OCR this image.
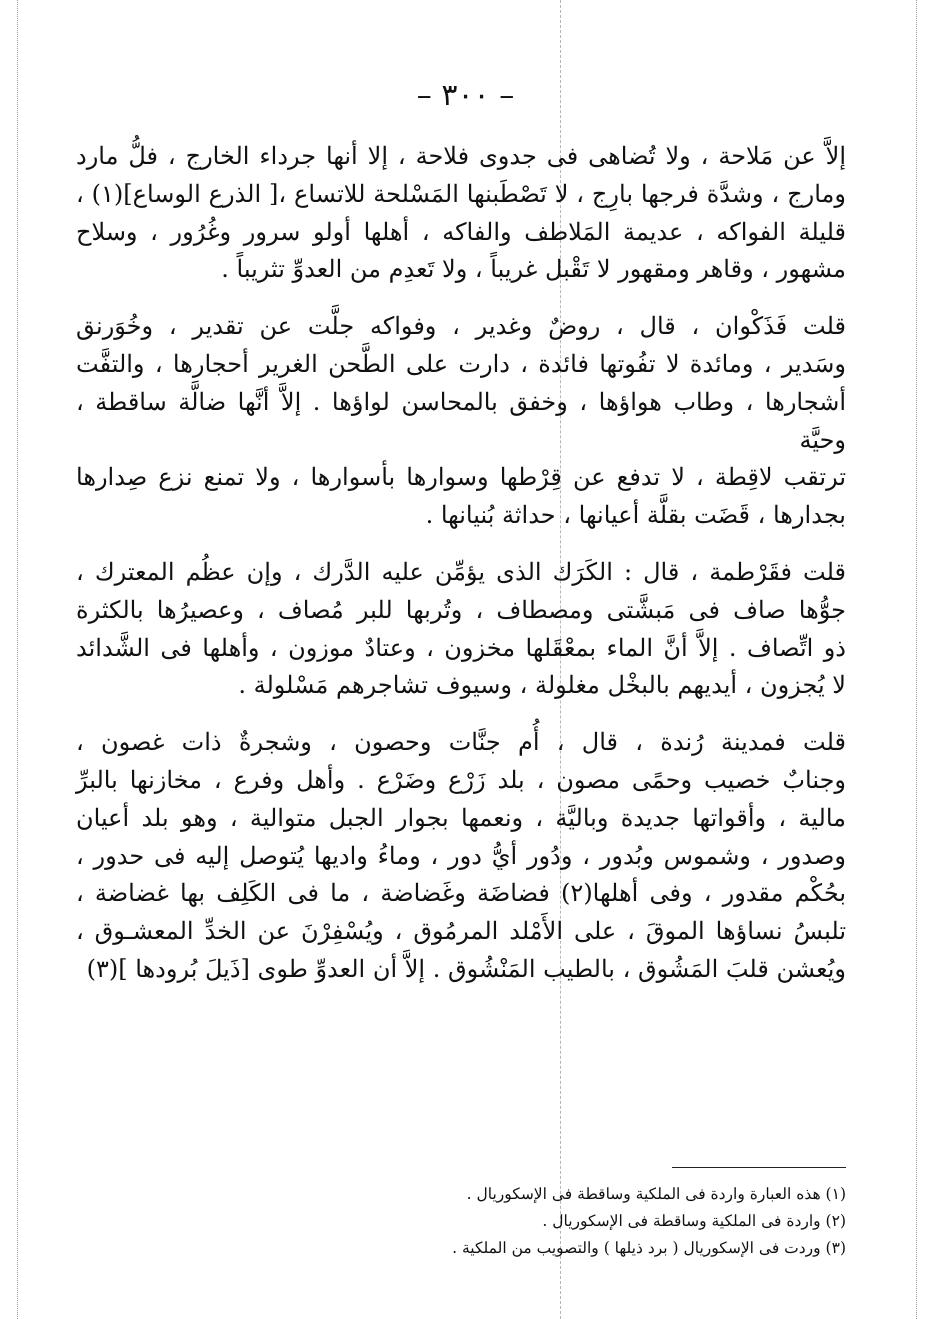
– ٣٠٠ –

إلاَّ عن مَلاحة ، ولا تُضاهى فى جدوى فلاحة ، إلا أنها جرداء الخارج ، فلُّ مارد
ومارج ، وشدَّة فرجها بارِج ، لا تَصْطَبنها المَسْلحة للاتساع ،[ الذرع الوساع](١) ،
قليلة الفواكه ، عديمة المَلاطف والفاكه ، أهلها أولو سرور وغُرُور ، وسلاح
مشهور ، وقاهر ومقهور لا تَقْبل غريباً ، ولا تَعدِم من العدوِّ تثريباً .

قلت فَذَكْوان ، قال ، روضٌ وغدير ، وفواكه جلَّت عن تقدير ، وخُوَرنق
وسَدير ، ومائدة لا تفُوتها فائدة ، دارت على الطَّحن الغرير أحجارها ، والتفَّت
أشجارها ، وطاب هواؤها ، وخفق بالمحاسن لواؤها . إلاَّ أنَّها ضالَّة ساقطة ، وحيَّة
ترتقب لاقِطة ، لا تدفع عن قِرْطها وسوارها بأسوارها ، ولا تمنع نزع صِدارها
بجدارها ، قَضَت بقلَّة أعيانها ، حداثة بُنيانها .

قلت فقَرْطمة ، قال : الكَرَك الذى يؤمِّن عليه الدَّرك ، وإن عظُم المعترك ،
جوُّها صاف فى مَبشَّتى ومصطاف ، وتُربها للبر مُصاف ، وعصيرُها بالكثرة
ذو اتِّصاف . إلاَّ أنَّ الماء بمعْقَلها مخزون ، وعتادٌ موزون ، وأهلها فى الشَّدائد
لا يُجزون ، أيديهم بالبخْل مغلولة ، وسيوف تشاجرهم مَسْلولة .

قلت فمدينة رُندة ، قال ، أُم جنَّات وحصون ، وشجرةٌ ذات غصون ،
وجنابٌ خصيب وحمًى مصون ، بلد زَرْع وضَرْع . وأهل وفرع ، مخازنها بالبرِّ
مالية ، وأقواتها جديدة وباليَّة ، ونعمها بجوار الجبل متوالية ، وهو بلد أعيان
وصدور ، وشموس وبُدور ، ودُور أيُّ دور ، وماءُ واديها يُتوصل إليه فى حدور ،
بحُكْم مقدور ، وفى أهلها(٢) فضاضَة وغَضاضة ، ما فى الكَلِف بها غضاضة ،
تلبسُ نساؤها الموقَ ، على الأَمْلد المرمُوق ، ويُسْفِرْنَ عن الخدِّ المعشـوق ،
ويُعشن قلبَ المَشُوق ، بالطيب المَنْشُوق . إلاَّ أن العدوِّ طوى [ذَيلَ بُرودها ](٣)

(١) هذه العبارة واردة فى الملكية وساقطة فى الإسكوريال .
(٢) واردة فى الملكية وساقطة فى الإسكوريال .
(٣) وردت فى الإسكوريال ( برد ذيلها ) والتصويب من الملكية .
